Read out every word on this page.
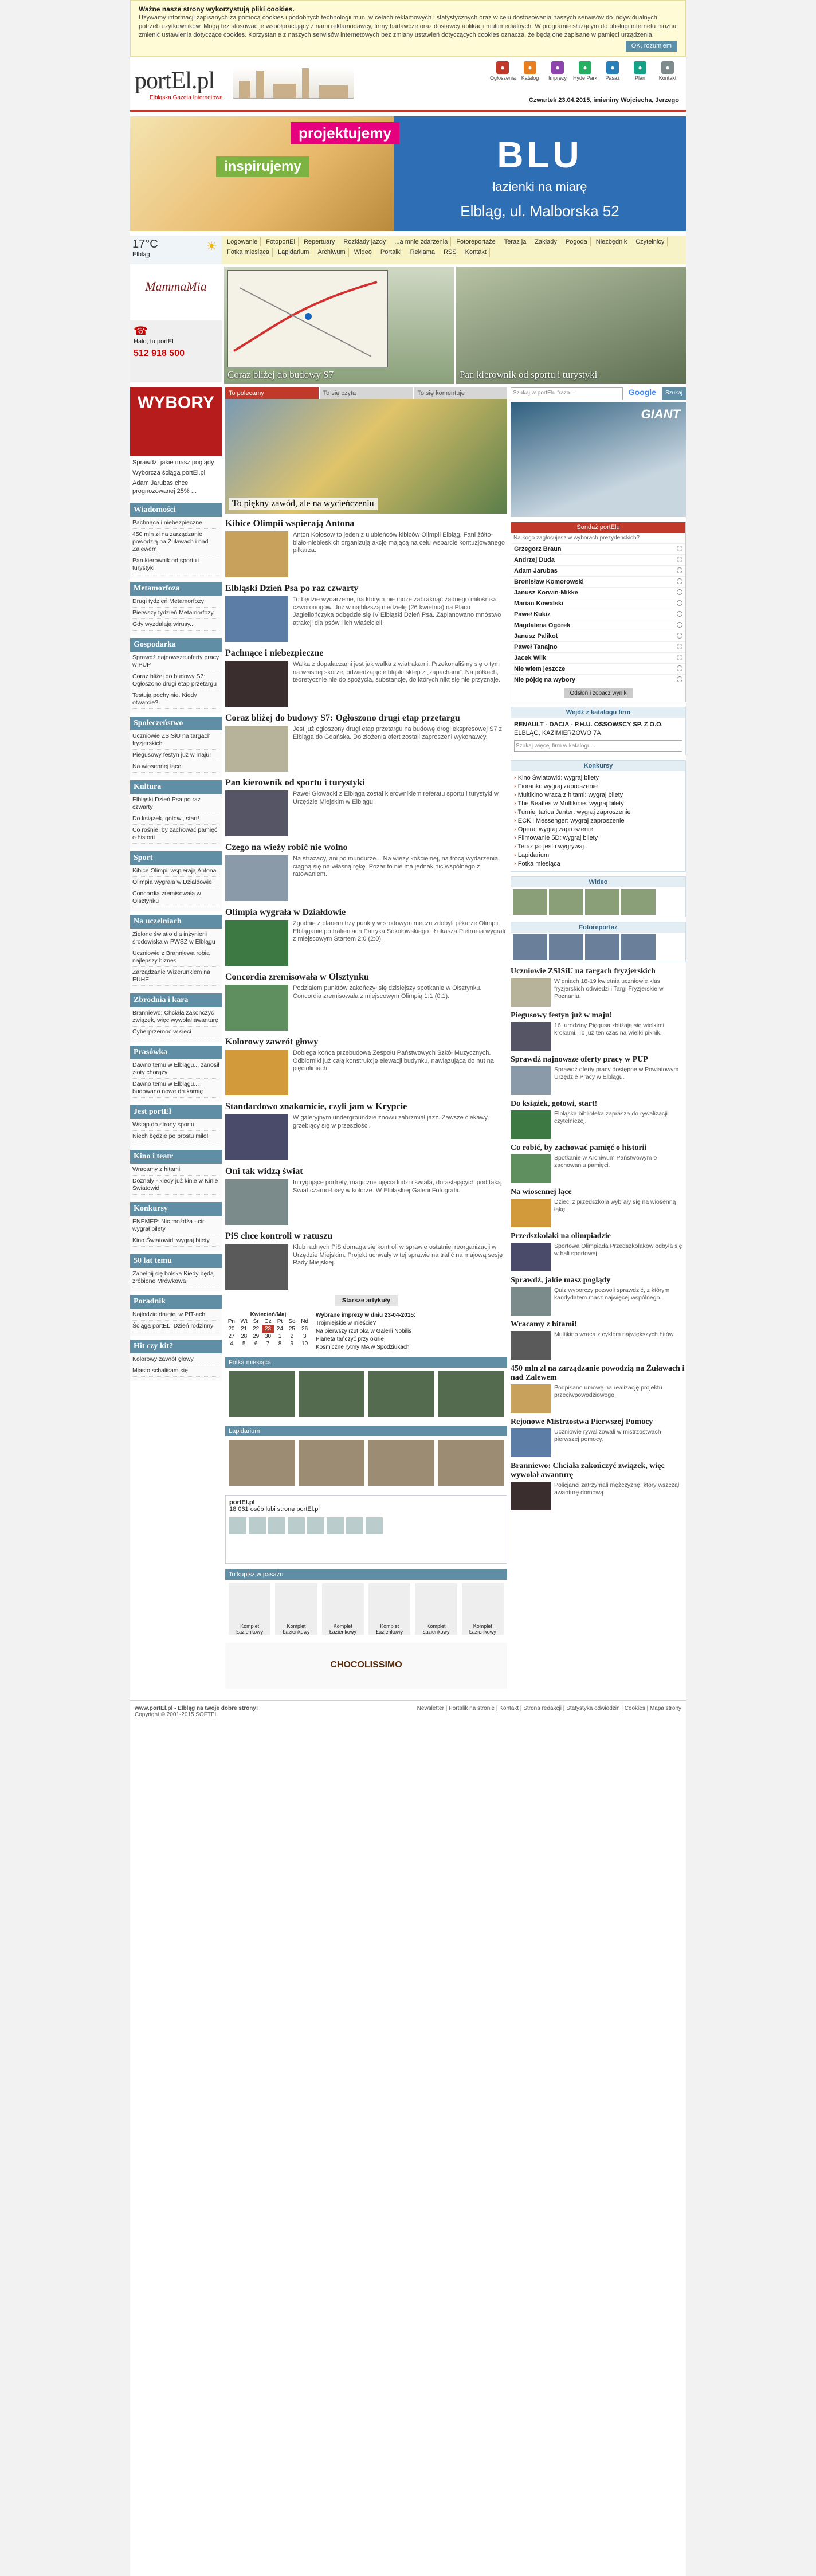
Ważne nasze strony wykorzystują pliki cookies.
Używamy informacji zapisanych za pomocą cookies i podobnych technologii m.in. w celach reklamowych i statystycznych oraz w celu dostosowania naszych serwisów do indywidualnych potrzeb użytkowników. Mogą tez stosować je współpracujący z nami reklamodawcy, firmy badawcze oraz dostawcy aplikacji multimedialnych. W programie służącym do obsługi internetu można zmienić ustawienia dotyczące cookies. Korzystanie z naszych serwisów internetowych bez zmiany ustawień dotyczących cookies oznacza, że będą one zapisane w pamięci urządzenia.
OK, rozumiem
portEl.pl
Elbląska Gazeta Internetowa
●
Ogłoszenia
●
Katalog
●
Imprezy
●
Hyde Park
●
Pasaż
●
Plan
●
Kontakt
Czwartek 23.04.2015, imieniny Wojciecha, Jerzego
projektujemy
inspirujemy	BLU
łazienki na miarę
Elbląg, ul. Malborska 52
17°C
Elbląg
☀	Logowanie	FotoportEl	Repertuary	Rozkłady jazdy	...a mnie zdarzenia	Fotoreportaże	Teraz ja	Zakłady	Pogoda	Niezbędnik	Czytelnicy
Fotka miesiąca	Lapidarium	Archiwum	Wideo	Portalki	Reklama	RSS	Kontakt
MammaMia
☎
Halo, tu portEl
512 918 500
Coraz bliżej do budowy S7	Pan kierownik od sportu i turystyki
WYBORY

Sprawdź, jakie masz poglądy

Wyborcza ściąga portEl.pl

Adam Jarubas chce prognozowanej 25% ...

Wiadomości

Pachnąca i niebezpieczne

450 mln zł na zarządzanie powodzią na Żuławach i nad Zalewem

Pan kierownik od sportu i turystyki

Metamorfoza

Drugi tydzień Metamorfozy

Pierwszy tydzień Metamorfozy

Gdy wyzdalają wirusy...

Gospodarka

Sprawdź najnowsze oferty pracy w PUP

Coraz bliżej do budowy S7: Ogłoszono drugi etap przetargu

Testują pochylnie. Kiedy otwarcie?

Społeczeństwo

Uczniowie ZSISiU na targach fryzjerskich

Piegusowy festyn już w maju!

Na wiosennej łące

Kultura

Elbląski Dzień Psa po raz czwarty

Do książek, gotowi, start!

Co rośnie, by zachować pamięć o historii

Sport

Kibice Olimpii wspierają Antona

Olimpia wygrała w Działdowie

Concordia zremisowała w Olsztynku

Na uczelniach

Zielone światło dla inżynierii środowiska w PWSZ w Elblągu

Uczniowie z Branniewa robią najlepszy biznes

Zarządzanie Wizerunkiem na EUHE

Zbrodnia i kara

Branniewo: Chciała zakończyć związek, więc wywołał awanturę

Cyberprzemoc w sieci

Prasówka

Dawno temu w Elblągu... zanosił złoty chorąży

Dawno temu w Elblągu... budowano nowe drukarnię

Jest portEl

Wstąp do strony sportu

Niech będzie po prostu miło!

Kino i teatr

Wracamy z hitami

Doznały - kiedy już kinie w Kinie Światowid

Konkursy

ENEMEP: Nic możdża - ciri wygrał bilety

Kino Światowid: wygraj bilety

50 lat temu

Zapełnij się bolska Kiedy będą zróbione Mrówkowa

Poradnik

Najłodzie drugiej w PIT-ach

Ściąga portEL: Dzień rodzinny

Hit czy kit?

Kolorowy zawrót głowy

Miasto schalisam się

To polecamy	To się czyta	To się komentuje
To piękny zawód, ale na wycieńczeniu
Kibice Olimpii wspierają Antona
Anton Kołosow to jeden z ulubieńców kibiców Olimpii Elbląg. Fani żółto-biało-niebieskich organizują akcję mającą na celu wsparcie kontuzjowanego piłkarza.
Elbląski Dzień Psa po raz czwarty
To będzie wydarzenie, na którym nie może zabraknąć żadnego miłośnika czworonogów. Już w najbliższą niedzielę (26 kwietnia) na Placu Jagiellończyka odbędzie się IV Elbląski Dzień Psa. Zaplanowano mnóstwo atrakcji dla psów i ich właścicieli.
Pachnące i niebezpieczne
Walka z dopalaczami jest jak walka z wiatrakami. Przekonaliśmy się o tym na własnej skórze, odwiedzając elbląski sklep z „zapachami”. Na półkach, teoretycznie nie do spożycia, substancje, do których nikt się nie przyznaje.
Coraz bliżej do budowy S7: Ogłoszono drugi etap przetargu
Jest już ogłoszony drugi etap przetargu na budowę drogi ekspresowej S7 z Elbląga do Gdańska. Do złożenia ofert zostali zaproszeni wykonawcy.
Pan kierownik od sportu i turystyki
Paweł Głowacki z Elbląga został kierownikiem referatu sportu i turystyki w Urzędzie Miejskim w Elblągu.
Czego na wieży robić nie wolno
Na strażacy, ani po mundurze... Na wieży kościelnej, na trocą wydarzenia, ciągną się na własną rękę. Pożar to nie ma jednak nic wspólnego z ratowaniem.
Olimpia wygrała w Działdowie
Zgodnie z planem trzy punkty w środowym meczu zdobyli piłkarze Olimpii. Elbląganie po trafieniach Patryka Sokołowskiego i Łukasza Pietronia wygrali z miejscowym Startem 2:0 (2:0).
Concordia zremisowała w Olsztynku
Podziałem punktów zakończył się dzisiejszy spotkanie w Olsztynku. Concordia zremisowała z miejscowym Olimpią 1:1 (0:1).
Kolorowy zawrót głowy
Dobiega końca przebudowa Zespołu Państwowych Szkół Muzycznych. Odbiorniki już całą konstrukcję elewacji budynku, nawiązującą do nut na pięcioliniach.
Standardowo znakomicie, czyli jam w Krypcie
W galeryjnym undergroundzie znowu zabrzmiał jazz. Zawsze ciekawy, grzebiący się w przeszłości.
Oni tak widzą świat
Intrygujące portrety, magiczne ujęcia ludzi i świata, dorastających pod taką. Świat czarno-biały w kolorze. W Elbląskiej Galerii Fotografii.
PiS chce kontroli w ratuszu
Klub radnych PiS domaga się kontroli w sprawie ostatniej reorganizacji w Urzędzie Miejskim. Projekt uchwały w tej sprawie na trafić na majową sesję Rady Miejskiej.
Starsze artykuły
Kwiecień/Maj
Pn	Wt	Śr	Cz	Pt	So	Nd
20	21	22	23	24	25	26
27	28	29	30	1	2	3
4	5	6	7	8	9	10
Wybrane imprezy w dniu 23-04-2015:
Trójmiejskie w mieście?
Na pierwszy rzut oka w Galerii Nobilis
Planeta tańczyć przy oknie
Kosmiczne rytmy MA w Spodziukach
Fotka miesiąca
Lapidarium
portEl.pl
18 061 osób lubi stronę portEl.pl
To kupisz w pasażu
Komplet Łazienkowy
Komplet Łazienkowy
Komplet Łazienkowy
Komplet Łazienkowy
Komplet Łazienkowy
Komplet Łazienkowy
CHOCOLISSIMO
Szukaj w portElu fraza...	Google	Szukaj
GIANT
Sondaż portElu
Na kogo zagłosujesz w wyborach prezydenckich?
Grzegorz Braun
Andrzej Duda
Adam Jarubas
Bronisław Komorowski
Janusz Korwin-Mikke
Marian Kowalski
Paweł Kukiz
Magdalena Ogórek
Janusz Palikot
Paweł Tanajno
Jacek Wilk
Nie wiem jeszcze
Nie pójdę na wybory
Odsłoń i zobacz wynik
Wejdź z katalogu firm
RENAULT - DACIA - P.H.U. OSSOWSCY SP. Z O.O.
ELBLĄG, KAZIMIERZOWO 7A
Szukaj więcej firm w katalogu...
Konkursy
› Kino Światowid: wygraj bilety
› Fioranki: wygraj zaproszenie
› Multikino wraca z hitami: wygraj bilety
› The Beatles w Multikinie: wygraj bilety
› Turniej tańca Janter: wygraj zaproszenie
› ECK i Messenger: wygraj zaproszenie
› Opera: wygraj zaproszenie
› Filmowanie 5D: wygraj bilety
› Teraz ja: jest i wygrywaj
› Lapidarium
› Fotka miesiąca
Wideo
Fotoreportaż
Uczniowie ZSISiU na targach fryzjerskich
W dniach 18-19 kwietnia uczniowie klas fryzjerskich odwiedzili Targi Fryzjerskie w Poznaniu.
Piegusowy festyn już w maju!
16. urodziny Pięgusa zbliżają się wielkimi krokami. To już ten czas na wielki piknik.
Sprawdź najnowsze oferty pracy w PUP
Sprawdź oferty pracy dostępne w Powiatowym Urzędzie Pracy w Elblągu.
Do książek, gotowi, start!
Elbląska biblioteka zaprasza do rywalizacji czytelniczej.
Co robić, by zachować pamięć o historii
Spotkanie w Archiwum Państwowym o zachowaniu pamięci.
Na wiosennej łące
Dzieci z przedszkola wybrały się na wiosenną łąkę.
Przedszkolaki na olimpiadzie
Sportowa Olimpiada Przedszkolaków odbyła się w hali sportowej.
Sprawdź, jakie masz poglądy
Quiz wyborczy pozwoli sprawdzić, z którym kandydatem masz najwięcej wspólnego.
Wracamy z hitami!
Multikino wraca z cyklem największych hitów.
450 mln zł na zarządzanie powodzią na Żuławach i nad Zalewem
Podpisano umowę na realizację projektu przeciwpowodziowego.
Rejonowe Mistrzostwa Pierwszej Pomocy
Uczniowie rywalizowali w mistrzostwach pierwszej pomocy.
Branniewo: Chciała zakończyć związek, więc wywołał awanturę
Policjanci zatrzymali mężczyznę, który wszczął awanturę domową.
www.portEl.pl - Elbląg na twoje dobre strony!
Copyright © 2001-2015 SOFTEL
Newsletter | Portalik na stronie | Kontakt | Strona redakcji | Statystyka odwiedzin | Cookies | Mapa strony
